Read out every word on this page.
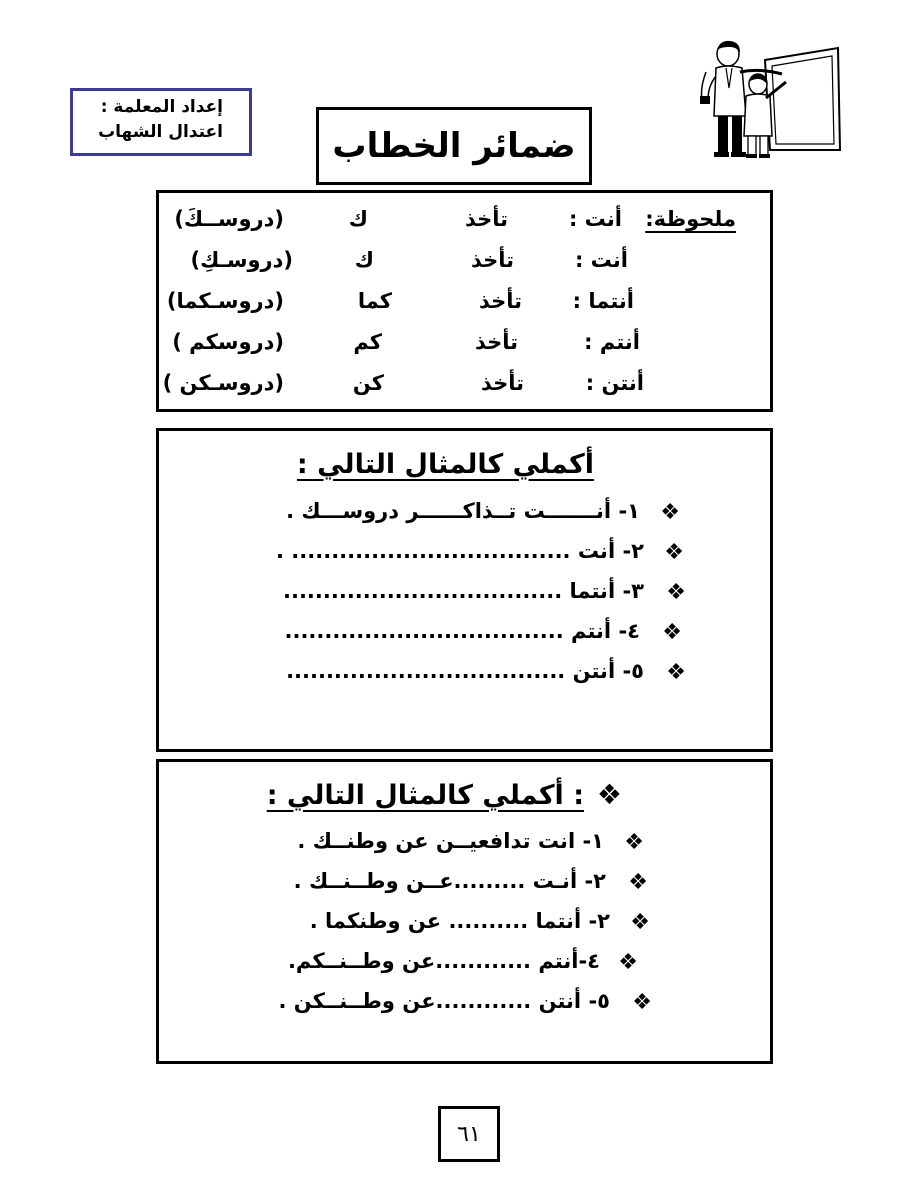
إعداد المعلمة :
اعتدال الشهاب	ضمائر الخطاب
ملحوظة:
أنت :
تأخذ
ك
(دروســكَ)
أنت :
تأخذ
ك
(دروسـكِ)
أنتما :
تأخذ
كما
(دروسـكما)
أنتم :
تأخذ
كم
(دروسكم )
أنتن :
تأخذ
كن
(دروسـكن )
أكملي كالمثال التالي :
❖
١- أنـــــــت تــذاكــــــر دروســـك .
❖
٢- أنت ................................... .
❖
٣- أنتما ...................................
❖
٤- أنتم ...................................
❖
٥- أنتن ...................................
❖
: أكملي كالمثال التالي :
❖
١- انت تدافعيــن عن وطنــك .
❖
٢- أنـت .........عــن وطــنــك .
❖
٢- أنتما .......... عن وطنكما .
❖
٤-أنتم ............عن وطــنــكم.
❖
٥- أنتن ............عن وطــنــكن .
٦١
